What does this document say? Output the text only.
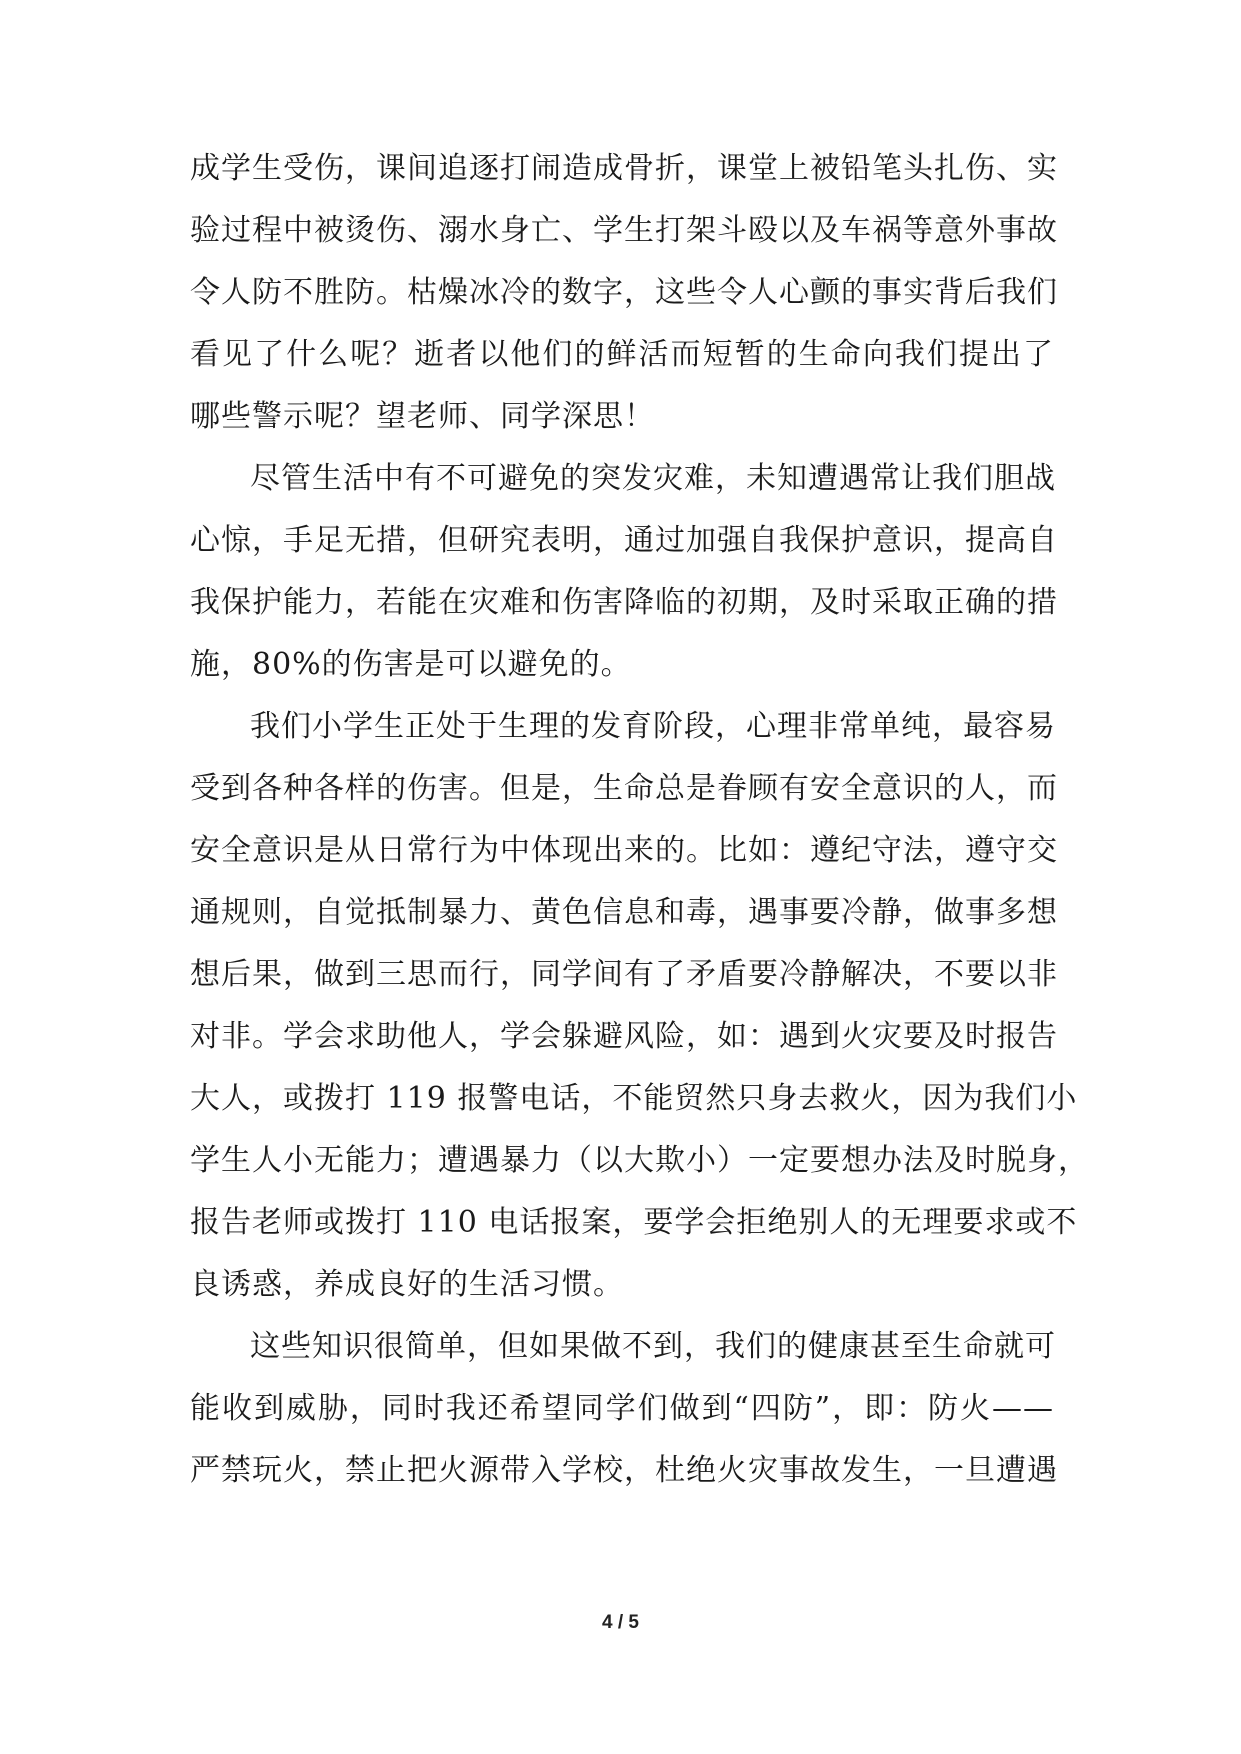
成学生受伤，课间追逐打闹造成骨折，课堂上被铅笔头扎伤、实
验过程中被烫伤、溺水身亡、学生打架斗殴以及车祸等意外事故
令人防不胜防。枯燥冰冷的数字，这些令人心颤的事实背后我们
看见了什么呢？逝者以他们的鲜活而短暂的生命向我们提出了
哪些警示呢？望老师、同学深思！

尽管生活中有不可避免的突发灾难，未知遭遇常让我们胆战
心惊，手足无措，但研究表明，通过加强自我保护意识，提高自
我保护能力，若能在灾难和伤害降临的初期，及时采取正确的措
施，80%的伤害是可以避免的。

我们小学生正处于生理的发育阶段，心理非常单纯，最容易
受到各种各样的伤害。但是，生命总是眷顾有安全意识的人，而
安全意识是从日常行为中体现出来的。比如：遵纪守法，遵守交
通规则，自觉抵制暴力、黄色信息和毒，遇事要冷静，做事多想
想后果，做到三思而行，同学间有了矛盾要冷静解决，不要以非
对非。学会求助他人，学会躲避风险，如：遇到火灾要及时报告
大人，或拨打 119 报警电话，不能贸然只身去救火，因为我们小
学生人小无能力；遭遇暴力（以大欺小）一定要想办法及时脱身，
报告老师或拨打 110 电话报案，要学会拒绝别人的无理要求或不
良诱惑，养成良好的生活习惯。

这些知识很简单，但如果做不到，我们的健康甚至生命就可
能收到威胁，同时我还希望同学们做到“四防”，即：防火——
严禁玩火，禁止把火源带入学校，杜绝火灾事故发生，一旦遭遇

4 / 5
